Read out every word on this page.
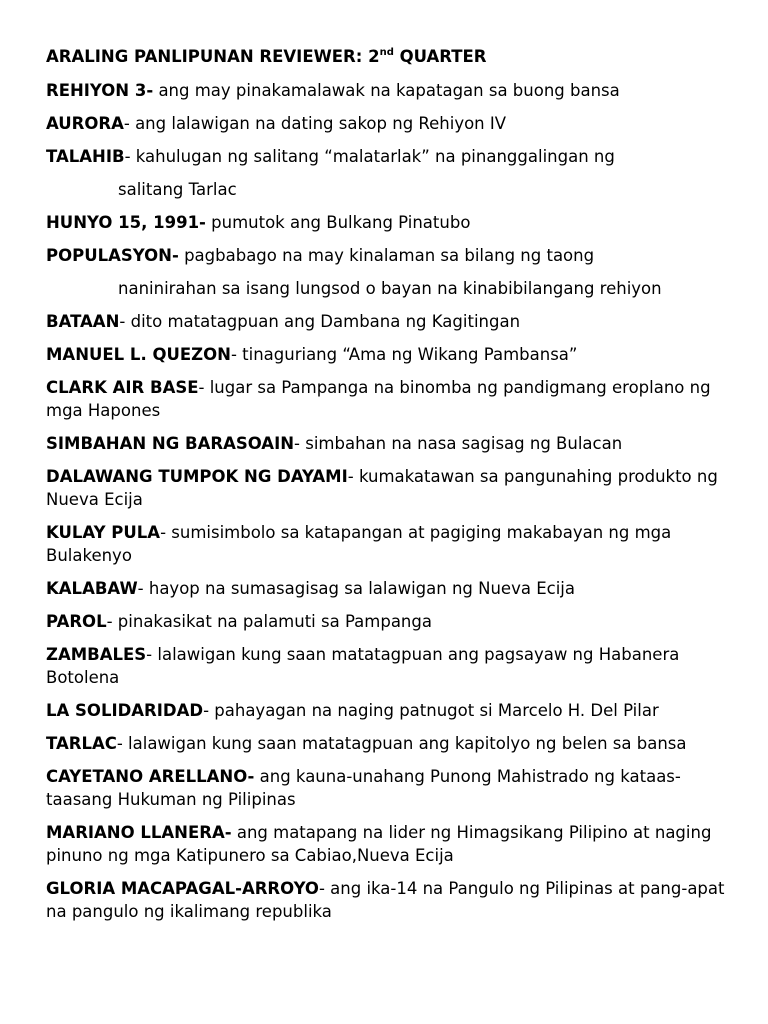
ARALING PANLIPUNAN REVIEWER: 2nd QUARTER
REHIYON 3- ang may pinakamalawak na kapatagan sa buong bansa
AURORA- ang lalawigan na dating sakop ng Rehiyon IV
TALAHIB- kahulugan ng salitang “malatarlak” na pinanggalingan ng
salitang Tarlac
HUNYO 15, 1991- pumutok ang Bulkang Pinatubo
POPULASYON- pagbabago na may kinalaman sa bilang ng taong
naninirahan sa isang lungsod o bayan na kinabibilangang rehiyon
BATAAN- dito matatagpuan ang Dambana ng Kagitingan
MANUEL L. QUEZON- tinaguriang “Ama ng Wikang Pambansa”
CLARK AIR BASE- lugar sa Pampanga na binomba ng pandigmang eroplano ng mga Hapones
SIMBAHAN NG BARASOAIN- simbahan na nasa sagisag ng Bulacan
DALAWANG TUMPOK NG DAYAMI- kumakatawan sa pangunahing produkto ng Nueva Ecija
KULAY PULA- sumisimbolo sa katapangan at pagiging makabayan ng mga Bulakenyo
KALABAW- hayop na sumasagisag sa lalawigan ng Nueva Ecija
PAROL- pinakasikat na palamuti sa Pampanga
ZAMBALES- lalawigan kung saan matatagpuan ang pagsayaw ng Habanera Botolena
LA SOLIDARIDAD- pahayagan na naging patnugot si Marcelo H. Del Pilar
TARLAC- lalawigan kung saan matatagpuan ang kapitolyo ng belen sa bansa
CAYETANO ARELLANO- ang kauna-unahang Punong Mahistrado ng kataas-taasang Hukuman ng Pilipinas
MARIANO LLANERA- ang matapang na lider ng Himagsikang Pilipino at naging pinuno ng mga Katipunero sa Cabiao,Nueva Ecija
GLORIA MACAPAGAL-ARROYO- ang ika-14 na Pangulo ng Pilipinas at pang-apat na pangulo ng ikalimang republika
